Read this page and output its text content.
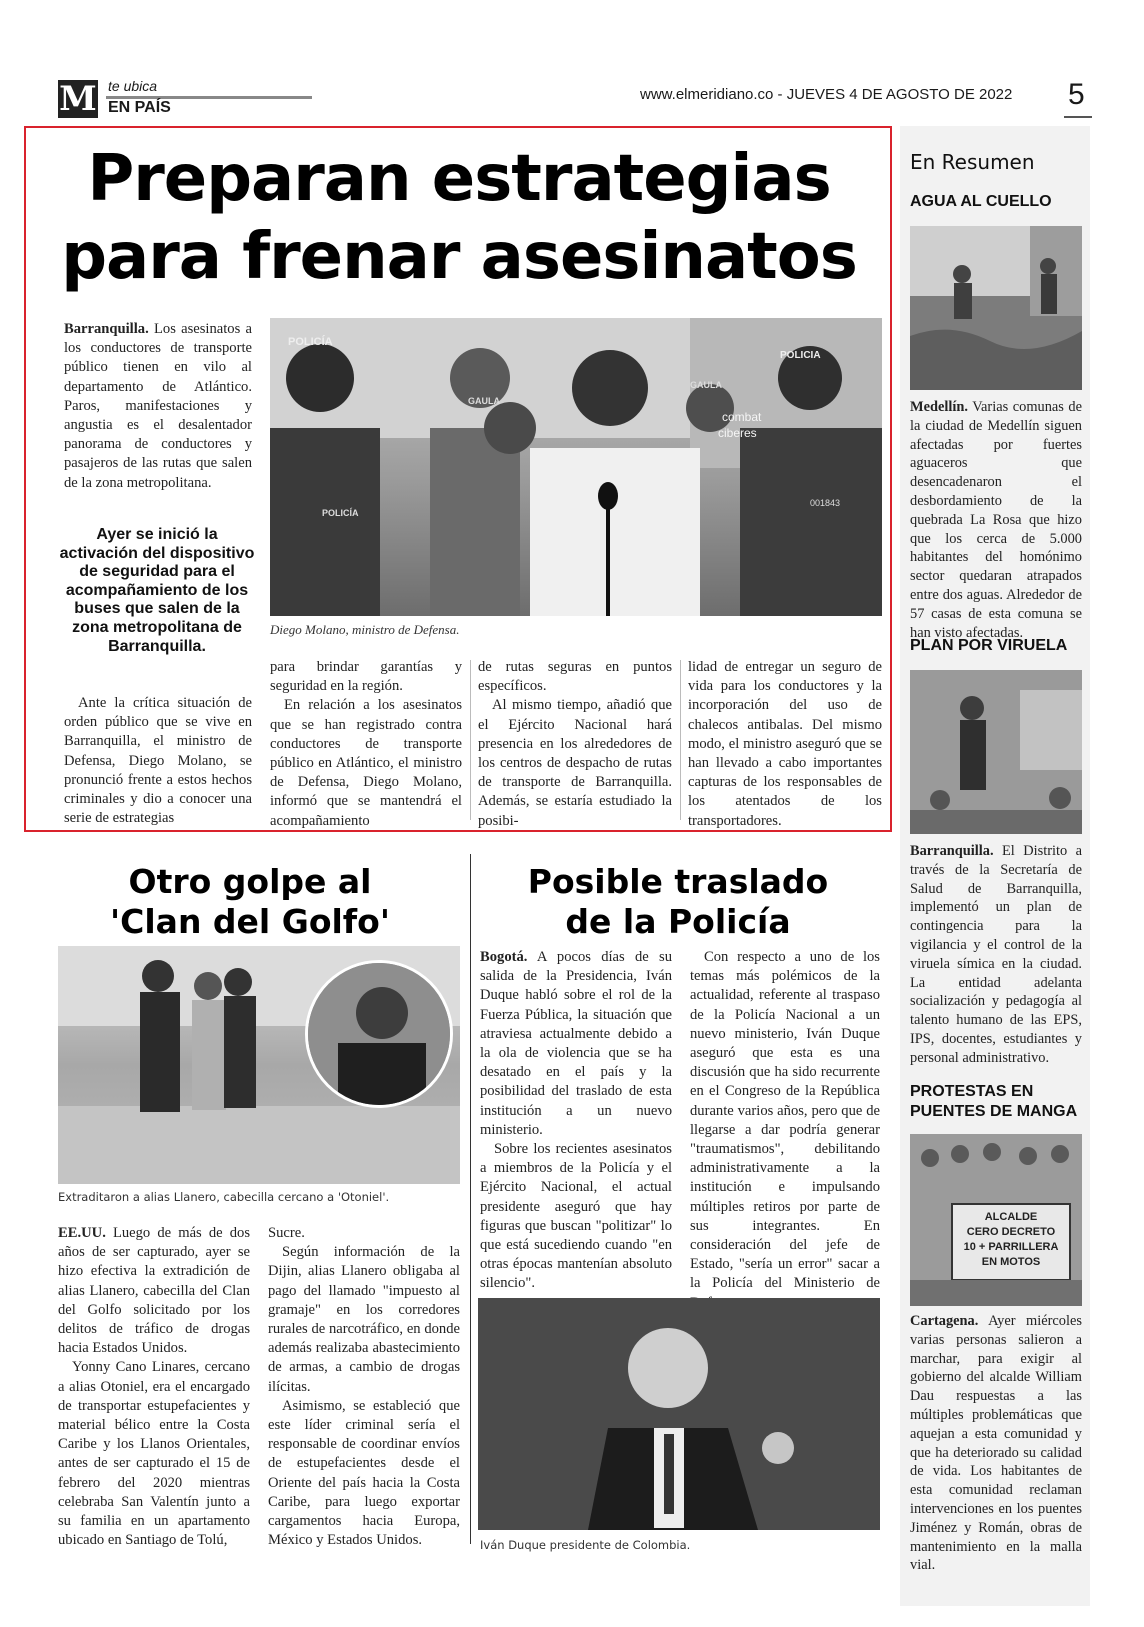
M te ubica
EN PAÍS
www.elmeridiano.co - JUEVES 4 DE AGOSTO DE 2022 5
En Resumen
AGUA AL CUELLO
Medellín. Varias comunas de la ciudad de Medellín siguen afectadas por fuertes aguaceros que desencadenaron el desbordamiento de la quebrada La Rosa que hizo que los cerca de 5.000 habitantes del homónimo sector quedaran atrapados entre dos aguas. Alrededor de 57 casas de esta comuna se han visto afectadas.
PLAN POR VIRUELA
Barranquilla. El Distrito a través de la Secretaría de Salud de Barranquilla, implementó un plan de contingencia para la vigilancia y el control de la viruela símica en la ciudad. La entidad adelanta socialización y pedagogía al talento humano de las EPS, IPS, docentes, estudiantes y personal administrativo.
PROTESTAS EN PUENTES DE MANGA
ALCALDE
CERO DECRETO
10 + PARRILLERA
EN MOTOS
Cartagena. Ayer miércoles varias personas salieron a marchar, para exigir al gobierno del alcalde William Dau respuestas a las múltiples problemáticas que aquejan a esta comunidad y que ha deteriorado su calidad de vida. Los habitantes de esta comunidad reclaman intervenciones en los puentes Jiménez y Román, obras de mantenimiento en la malla vial.
Preparan estrategias
para frenar asesinatos
Barranquilla. Los asesinatos a los conductores de transporte público tienen en vilo al departamento de Atlántico. Paros, manifestaciones y angustia es el desalentador panorama de conductores y pasajeros de las rutas que salen de la zona metropolitana.
Ayer se inició la activación del dispositivo de seguridad para el acompañamiento de los buses que salen de la zona metropolitana de Barranquilla.
Ante la crítica situación de orden público que se vive en Barranquilla, el ministro de Defensa, Diego Molano, se pronunció frente a estos hechos criminales y dio a conocer una serie de estrategias
POLICÍA
POLICÍA
GAULA
GAULA
combat
ciberes
POLICIA
001843
Diego Molano, ministro de Defensa.
para brindar garantías y seguridad en la región.
En relación a los asesinatos que se han registrado contra conductores de transporte público en Atlántico, el ministro de Defensa, Diego Molano, informó que se mantendrá el acompañamiento
de rutas seguras en puntos específicos.
Al mismo tiempo, añadió que el Ejército Nacional hará presencia en los alrededores de los centros de despacho de rutas de transporte de Barranquilla. Además, se estaría estudiado la posibi-
lidad de entregar un seguro de vida para los conductores y la incorporación del uso de chalecos antibalas. Del mismo modo, el ministro aseguró que se han llevado a cabo importantes capturas de los responsables de los atentados de los transportadores.
Otro golpe al
'Clan del Golfo'
Extraditaron a alias Llanero, cabecilla cercano a 'Otoniel'.
EE.UU. Luego de más de dos años de ser capturado, ayer se hizo efectiva la extradición de alias Llanero, cabecilla del Clan del Golfo solicitado por los delitos de tráfico de drogas hacia Estados Unidos.
Yonny Cano Linares, cercano a alias Otoniel, era el encargado de transportar estupefacientes y material bélico entre la Costa Caribe y los Llanos Orientales, antes de ser capturado el 15 de febrero del 2020 mientras celebraba San Valentín junto a su familia en un apartamento ubicado en Santiago de Tolú,
Sucre.
Según información de la Dijin, alias Llanero obligaba al pago del llamado "impuesto al gramaje" en los corredores rurales de narcotráfico, en donde además realizaba abastecimiento de armas, a cambio de drogas ilícitas.
Asimismo, se estableció que este líder criminal sería el responsable de coordinar envíos de estupefacientes desde el Oriente del país hacia la Costa Caribe, para luego exportar cargamentos hacia Europa, México y Estados Unidos.
Posible traslado
de la Policía
Bogotá. A pocos días de su salida de la Presidencia, Iván Duque habló sobre el rol de la Fuerza Pública, la situación que atraviesa actualmente debido a la ola de violencia que se ha desatado en el país y la posibilidad del traslado de esta institución a un nuevo ministerio.
Sobre los recientes asesinatos a miembros de la Policía y el Ejército Nacional, el actual presidente aseguró que hay figuras que buscan "politizar" lo que está sucediendo cuando "en otras épocas mantenían absoluto silencio".
Con respecto a uno de los temas más polémicos de la actualidad, referente al traspaso de la Policía Nacional a un nuevo ministerio, Iván Duque aseguró que esta es una discusión que ha sido recurrente en el Congreso de la República durante varios años, pero que de llegarse a dar podría generar "traumatismos", debilitando administrativamente a la institución e impulsando múltiples retiros por parte de sus integrantes. En consideración del jefe de Estado, "sería un error" sacar a la Policía del Ministerio de
Iván Duque presidente de Colombia.
